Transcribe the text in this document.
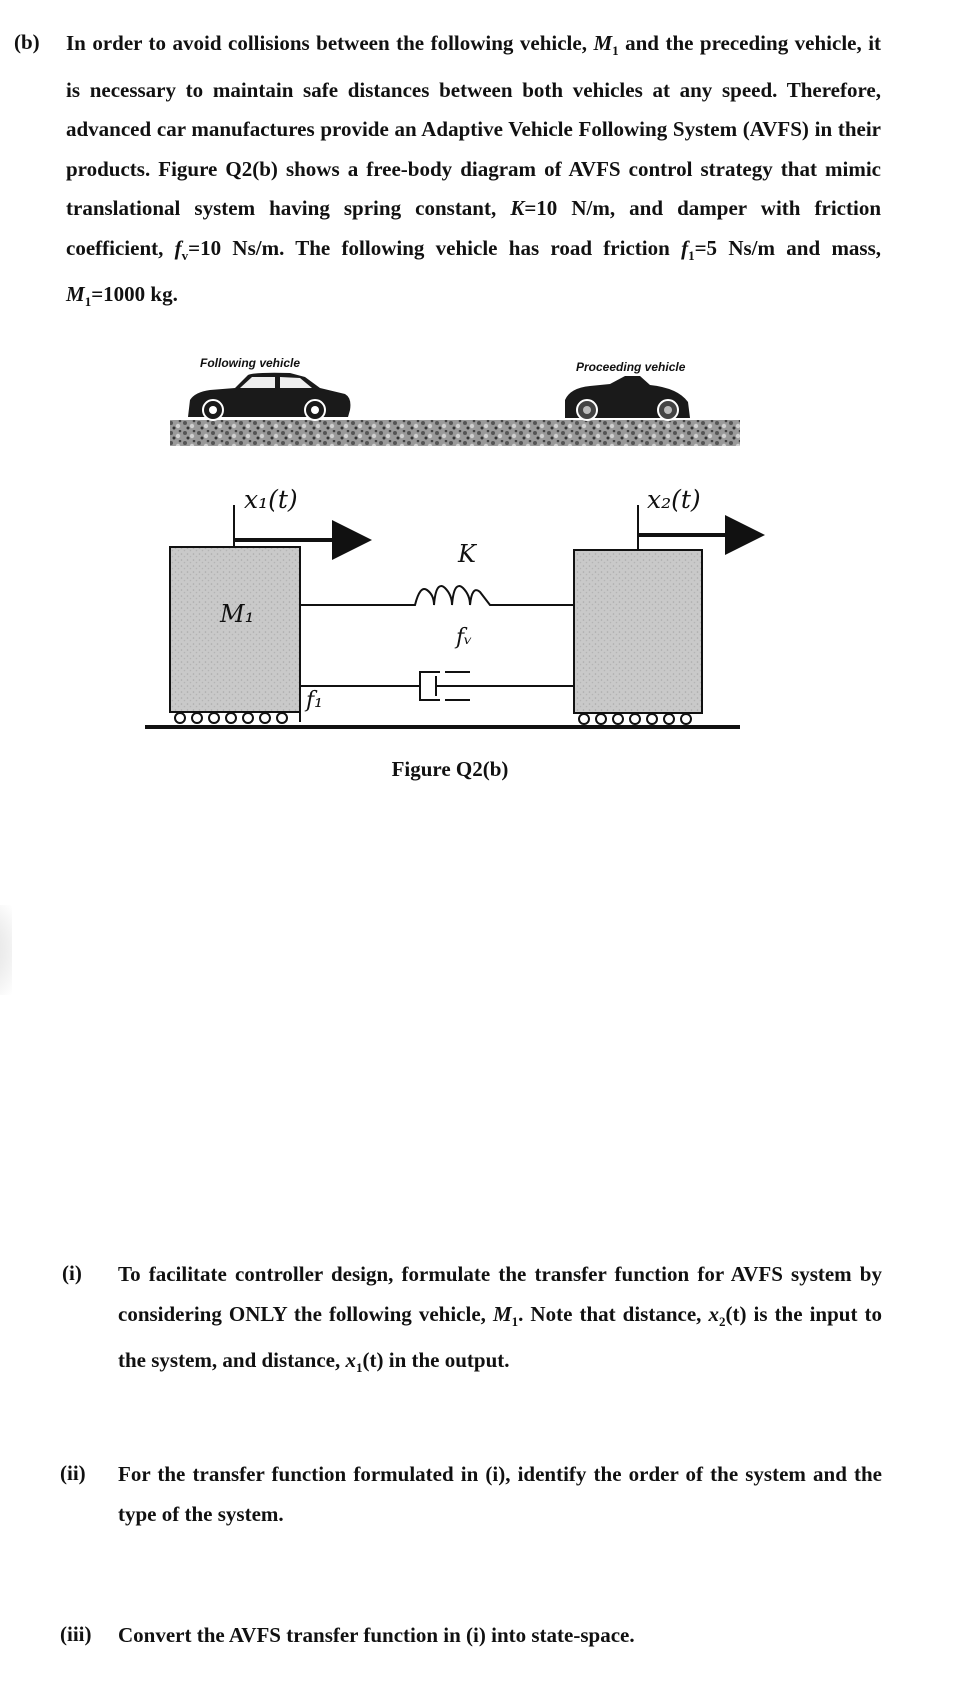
(b) In order to avoid collisions between the following vehicle, $M_1$ and the preceding vehicle, it is necessary to maintain safe distances between both vehicles at any speed. Therefore, advanced car manufactures provide an Adaptive Vehicle Following System (AVFS) in their products. Figure Q2(b) shows a free-body diagram of AVFS control strategy that mimic translational system having spring constant, K=10 N/m, and damper with friction coefficient, $f_v=10$ Ns/m. The following vehicle has road friction $f_1=5$ Ns/m and mass, $M_1=1000$ kg.
Following vehicle	Proceeding vehicle
x₁(t)	x₂(t)
M₁
K
fᵥ
f₁
Figure Q2(b)
(i) To facilitate controller design, formulate the transfer function for AVFS system by considering ONLY the following vehicle, $M_1$. Note that distance, $x_2(t)$ is the input to the system, and distance, $x_1(t)$ in the output.
(ii) For the transfer function formulated in (i), identify the order of the system and the type of the system.
(iii) Convert the AVFS transfer function in (i) into state-space.
